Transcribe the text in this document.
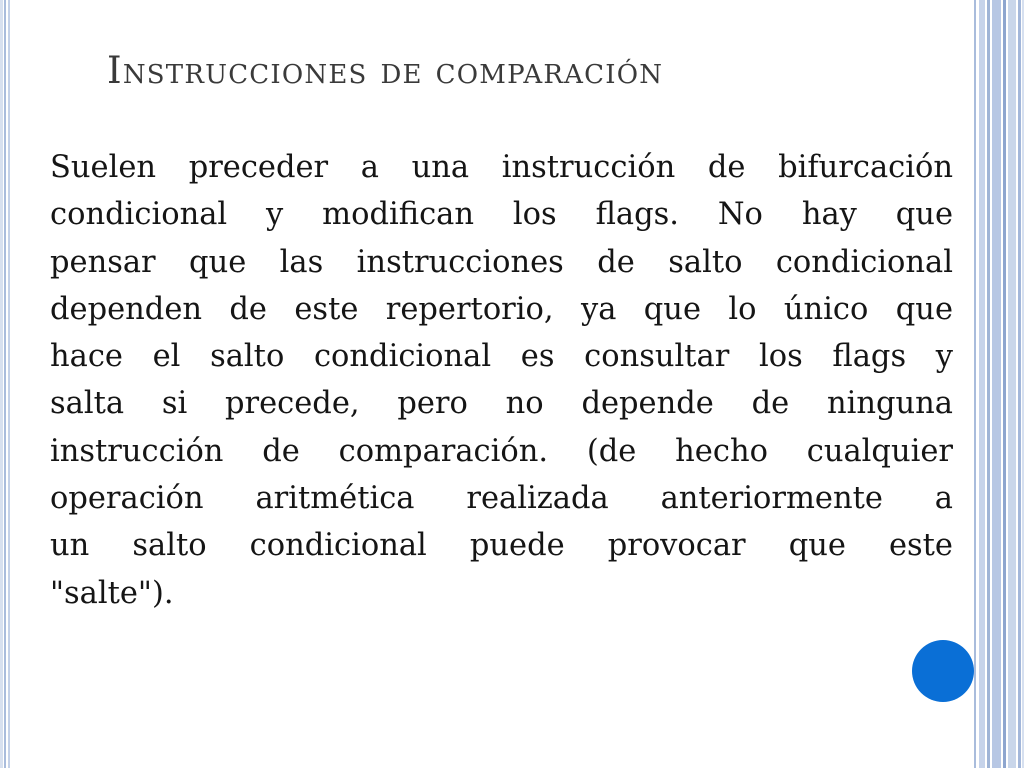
Instrucciones de comparación
Suelen preceder a una instrucción de bifurcación
condicional y modifican los flags. No hay que
pensar que las instrucciones de salto condicional
dependen de este repertorio, ya que lo único que
hace el salto condicional es consultar los flags y
salta si precede, pero no depende de ninguna
instrucción de comparación. (de hecho cualquier
operación aritmética realizada anteriormente a
un salto condicional puede provocar que este
"salte").
